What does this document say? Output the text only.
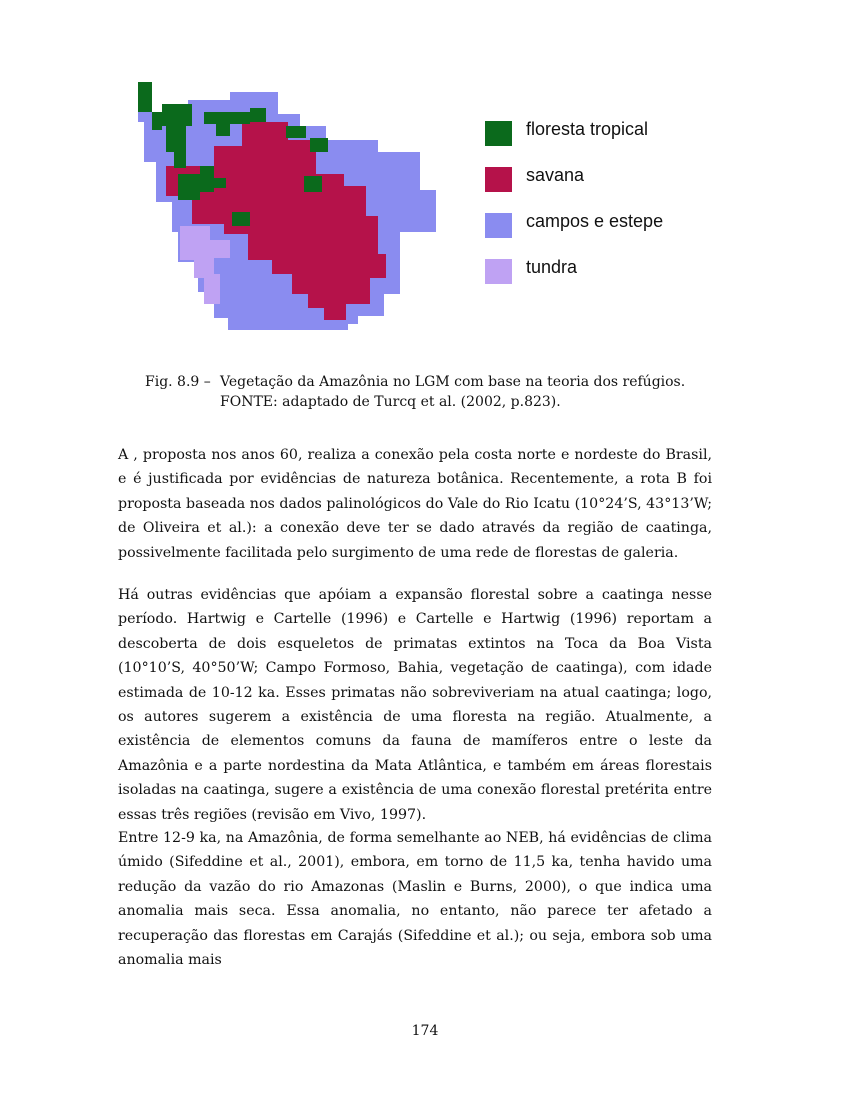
floresta tropical
savana
campos e estepe
tundra
Fig. 8.9 – Vegetação da Amazônia no LGM com base na teoria dos refúgios.
FONTE: adaptado de Turcq et al. (2002, p.823).

A , proposta nos anos 60, realiza a conexão pela costa norte e nordeste do Brasil, e é justificada por evidências de natureza botânica. Recentemente, a rota B foi proposta baseada nos dados palinológicos do Vale do Rio Icatu (10°24’S, 43°13’W; de Oliveira et al.): a conexão deve ter se dado através da região de caatinga, possivelmente facilitada pelo surgimento de uma rede de florestas de galeria.

Há outras evidências que apóiam a expansão florestal sobre a caatinga nesse período. Hartwig e Cartelle (1996) e Cartelle e Hartwig (1996) reportam a descoberta de dois esqueletos de primatas extintos na Toca da Boa Vista (10°10’S, 40°50’W; Campo Formoso, Bahia, vegetação de caatinga), com idade estimada de 10-12 ka. Esses primatas não sobreviveriam na atual caatinga; logo, os autores sugerem a existência de uma floresta na região. Atualmente, a existência de elementos comuns da fauna de mamíferos entre o leste da Amazônia e a parte nordestina da Mata Atlântica, e também em áreas florestais isoladas na caatinga, sugere a existência de uma conexão florestal pretérita entre essas três regiões (revisão em Vivo, 1997).

Entre 12-9 ka, na Amazônia, de forma semelhante ao NEB, há evidências de clima úmido (Sifeddine et al., 2001), embora, em torno de 11,5 ka, tenha havido uma redução da vazão do rio Amazonas (Maslin e Burns, 2000), o que indica uma anomalia mais seca. Essa anomalia, no entanto, não parece ter afetado a recuperação das florestas em Carajás (Sifeddine et al.); ou seja, embora sob uma anomalia mais

174
